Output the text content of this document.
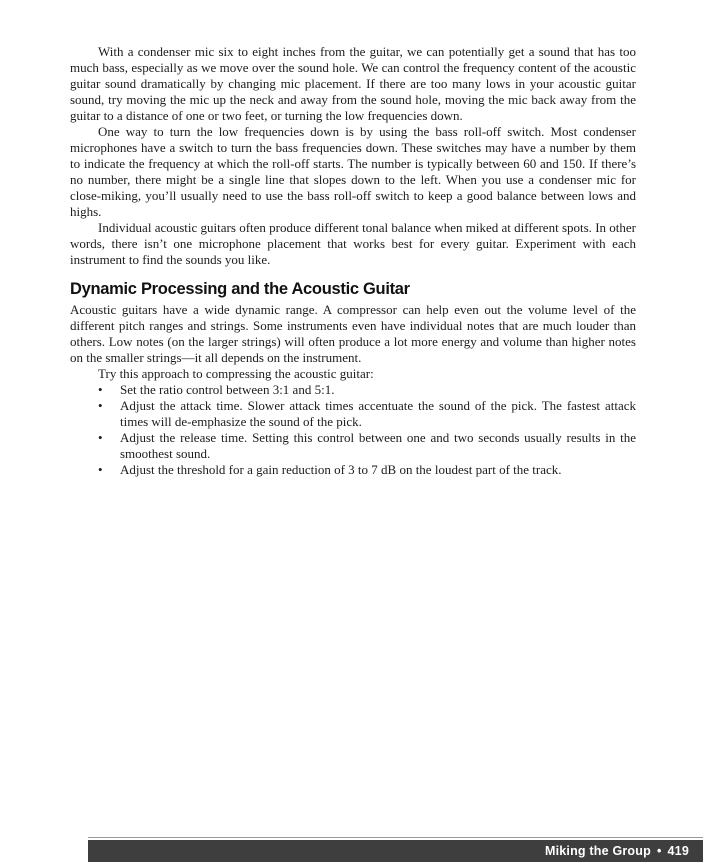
With a condenser mic six to eight inches from the guitar, we can potentially get a sound that has too much bass, especially as we move over the sound hole. We can control the frequency content of the acoustic guitar sound dramatically by changing mic placement. If there are too many lows in your acoustic guitar sound, try moving the mic up the neck and away from the sound hole, moving the mic back away from the guitar to a distance of one or two feet, or turning the low frequencies down.

One way to turn the low frequencies down is by using the bass roll-off switch. Most condenser microphones have a switch to turn the bass frequencies down. These switches may have a number by them to indicate the frequency at which the roll-off starts. The number is typically between 60 and 150. If there’s no number, there might be a single line that slopes down to the left. When you use a condenser mic for close-miking, you’ll usually need to use the bass roll-off switch to keep a good balance between lows and highs.

Individual acoustic guitars often produce different tonal balance when miked at different spots. In other words, there isn’t one microphone placement that works best for every guitar. Experiment with each instrument to find the sounds you like.

Dynamic Processing and the Acoustic Guitar

Acoustic guitars have a wide dynamic range. A compressor can help even out the volume level of the different pitch ranges and strings. Some instruments even have individual notes that are much louder than others. Low notes (on the larger strings) will often produce a lot more energy and volume than higher notes on the smaller strings—it all depends on the instrument.

Try this approach to compressing the acoustic guitar:

• Set the ratio control between 3:1 and 5:1.
• Adjust the attack time. Slower attack times accentuate the sound of the pick. The fastest attack times will de-emphasize the sound of the pick.
• Adjust the release time. Setting this control between one and two seconds usually results in the smoothest sound.
• Adjust the threshold for a gain reduction of 3 to 7 dB on the loudest part of the track.
Miking the Group • 419
